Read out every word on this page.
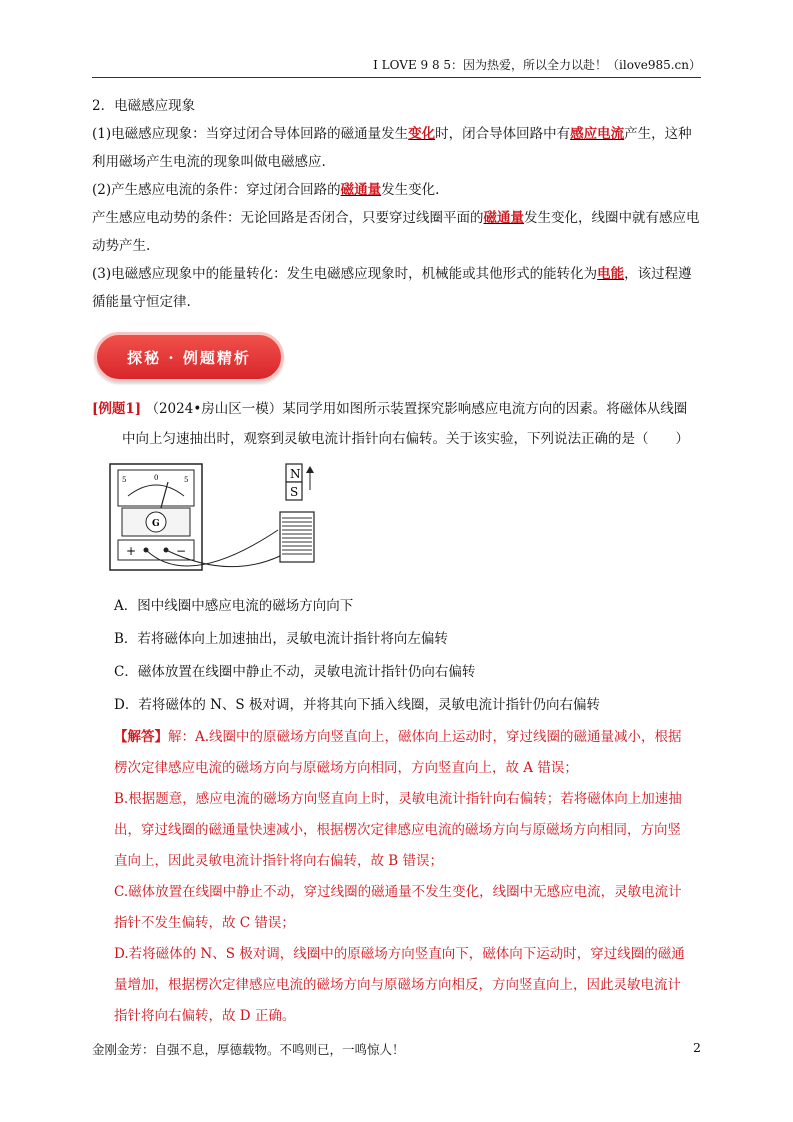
I LOVE 9 8 5：因为热爱，所以全力以赴！（ilove985.cn）

2．电磁感应现象

(1)电磁感应现象：当穿过闭合导体回路的磁通量发生变化时，闭合导体回路中有感应电流产生，这种利用磁场产生电流的现象叫做电磁感应.

(2)产生感应电流的条件：穿过闭合回路的磁通量发生变化.

产生感应电动势的条件：无论回路是否闭合，只要穿过线圈平面的磁通量发生变化，线圈中就有感应电动势产生.

(3)电磁感应现象中的能量转化：发生电磁感应现象时，机械能或其他形式的能转化为电能，该过程遵循能量守恒定律.

探秘 · 例题精析

[例题1] （2024•房山区一模）某同学用如图所示装置探究影响感应电流方向的因素。将磁体从线圈

中向上匀速抽出时，观察到灵敏电流计指针向右偏转。关于该实验，下列说法正确的是（　　）

5	0	5
G
+	−
N
S

A．图中线圈中感应电流的磁场方向向下

B．若将磁体向上加速抽出，灵敏电流计指针将向左偏转

C．磁体放置在线圈中静止不动，灵敏电流计指针仍向右偏转

D．若将磁体的 N、S 极对调，并将其向下插入线圈，灵敏电流计指针仍向右偏转

【解答】解：A.线圈中的原磁场方向竖直向上，磁体向上运动时，穿过线圈的磁通量减小，根据

楞次定律感应电流的磁场方向与原磁场方向相同，方向竖直向上，故 A 错误；

B.根据题意，感应电流的磁场方向竖直向上时，灵敏电流计指针向右偏转；若将磁体向上加速抽

出，穿过线圈的磁通量快速减小，根据楞次定律感应电流的磁场方向与原磁场方向相同，方向竖

直向上，因此灵敏电流计指针将向右偏转，故 B 错误；

C.磁体放置在线圈中静止不动，穿过线圈的磁通量不发生变化，线圈中无感应电流，灵敏电流计

指针不发生偏转，故 C 错误；

D.若将磁体的 N、S 极对调，线圈中的原磁场方向竖直向下，磁体向下运动时，穿过线圈的磁通

量增加，根据楞次定律感应电流的磁场方向与原磁场方向相反，方向竖直向上，因此灵敏电流计

指针将向右偏转，故 D 正确。

金刚金芳：自强不息，厚德载物。不鸣则已，一鸣惊人！	2
